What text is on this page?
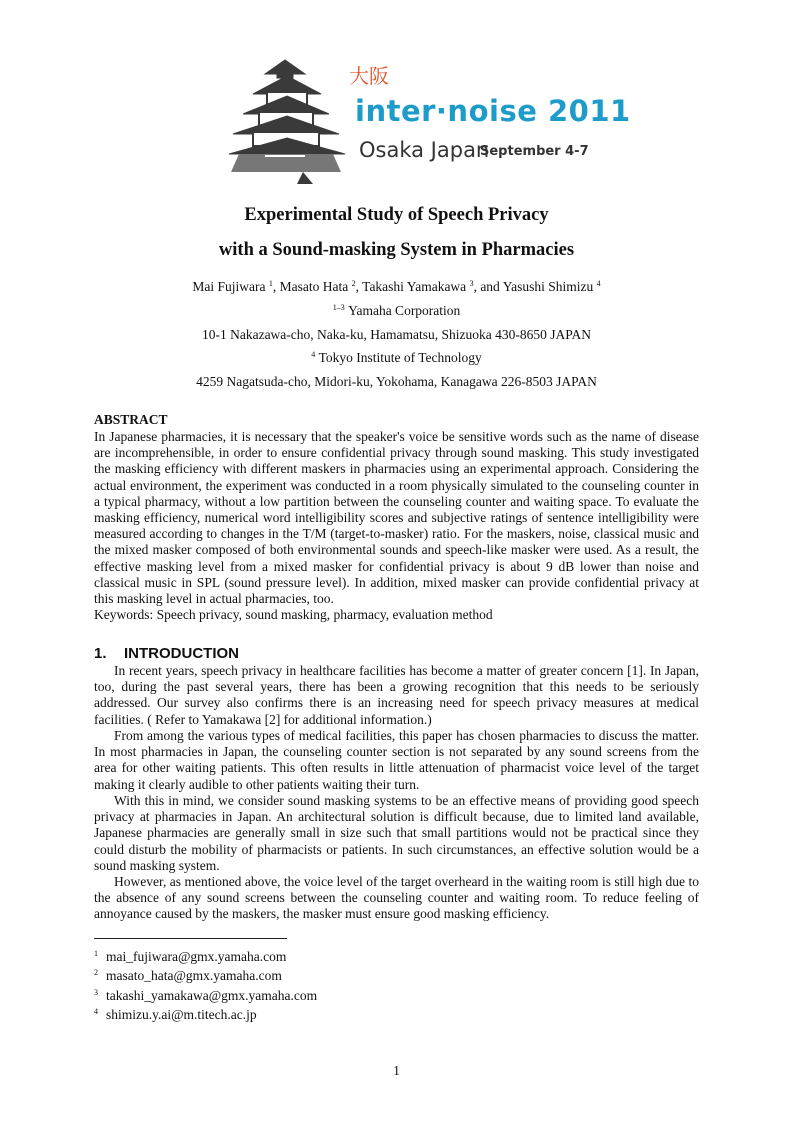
大阪
inter·noise 2011
Osaka Japan
September 4-7
Experimental Study of Speech Privacy
with a Sound-masking System in Pharmacies
Mai Fujiwara $^1$, Masato Hata $^2$, Takashi Yamakawa $^3$, and Yasushi Shimizu $^4$
$^{1-3}$ Yamaha Corporation
10-1 Nakazawa-cho, Naka-ku, Hamamatsu, Shizuoka 430-8650 JAPAN
$^4$ Tokyo Institute of Technology
4259 Nagatsuda-cho, Midori-ku, Yokohama, Kanagawa 226-8503 JAPAN
ABSTRACT
In Japanese pharmacies, it is necessary that the speaker's voice be sensitive words such as the name of disease are incomprehensible, in order to ensure confidential privacy through sound masking. This study investigated the masking efficiency with different maskers in pharmacies using an experimental approach. Considering the actual environment, the experiment was conducted in a room physically simulated to the counseling counter in a typical pharmacy, without a low partition between the counseling counter and waiting space. To evaluate the masking efficiency, numerical word intelligibility scores and subjective ratings of sentence intelligibility were measured according to changes in the T/M (target-to-masker) ratio. For the maskers, noise, classical music and the mixed masker composed of both environmental sounds and speech-like masker were used. As a result, the effective masking level from a mixed masker for confidential privacy is about 9 dB lower than noise and classical music in SPL (sound pressure level). In addition, mixed masker can provide confidential privacy at this masking level in actual pharmacies, too.
Keywords: Speech privacy, sound masking, pharmacy, evaluation method
1. INTRODUCTION
In recent years, speech privacy in healthcare facilities has become a matter of greater concern [1]. In Japan, too, during the past several years, there has been a growing recognition that this needs to be seriously addressed. Our survey also confirms there is an increasing need for speech privacy measures at medical facilities. ( Refer to Yamakawa [2] for additional information.)
From among the various types of medical facilities, this paper has chosen pharmacies to discuss the matter. In most pharmacies in Japan, the counseling counter section is not separated by any sound screens from the area for other waiting patients. This often results in little attenuation of pharmacist voice level of the target making it clearly audible to other patients waiting their turn.
With this in mind, we consider sound masking systems to be an effective means of providing good speech privacy at pharmacies in Japan. An architectural solution is difficult because, due to limited land available, Japanese pharmacies are generally small in size such that small partitions would not be practical since they could disturb the mobility of pharmacists or patients. In such circumstances, an effective solution would be a sound masking system.
However, as mentioned above, the voice level of the target overheard in the waiting room is still high due to the absence of any sound screens between the counseling counter and waiting room. To reduce feeling of annoyance caused by the maskers, the masker must ensure good masking efficiency.
$^1$ mai_fujiwara@gmx.yamaha.com
$^2$ masato_hata@gmx.yamaha.com
$^3$ takashi_yamakawa@gmx.yamaha.com
$^4$ shimizu.y.ai@m.titech.ac.jp
1
